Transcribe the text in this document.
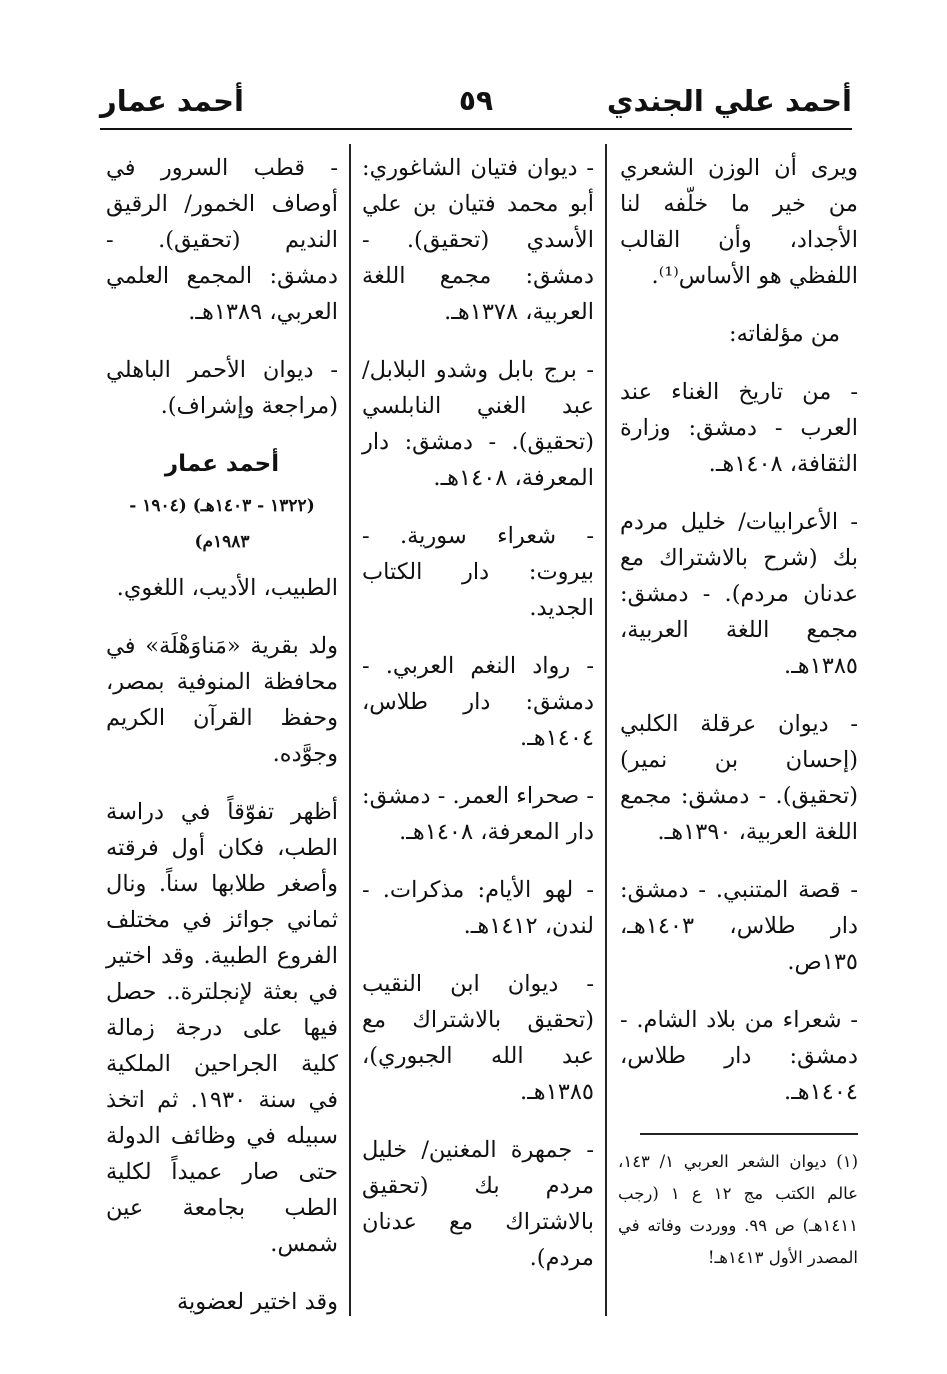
أحمد علي الجندي
٥٩
أحمد عمار

ويرى أن الوزن الشعري من خير ما خلّفه لنا الأجداد، وأن القالب اللفظي هو الأساس⁽¹⁾.

من مؤلفاته:

- من تاريخ الغناء عند العرب - دمشق: وزارة الثقافة، ١٤٠٨هـ.

- الأعرابيات/ خليل مردم بك (شرح بالاشتراك مع عدنان مردم). - دمشق: مجمع اللغة العربية، ١٣٨٥هـ.

- ديوان عرقلة الكلبي (إحسان بن نمير) (تحقيق). - دمشق: مجمع اللغة العربية، ١٣٩٠هـ.

- قصة المتنبي. - دمشق: دار طلاس، ١٤٠٣هـ، ١٣٥ص.

- شعراء من بلاد الشام. - دمشق: دار طلاس، ١٤٠٤هـ.

- ديوان فتيان الشاغوري: أبو محمد فتيان بن علي الأسدي (تحقيق). - دمشق: مجمع اللغة العربية، ١٣٧٨هـ.

- برج بابل وشدو البلابل/ عبد الغني النابلسي (تحقيق). - دمشق: دار المعرفة، ١٤٠٨هـ.

- شعراء سورية. - بيروت: دار الكتاب الجديد.

- رواد النغم العربي. - دمشق: دار طلاس، ١٤٠٤هـ.

- صحراء العمر. - دمشق: دار المعرفة، ١٤٠٨هـ.

- لهو الأيام: مذكرات. - لندن، ١٤١٢هـ.

- ديوان ابن النقيب (تحقيق بالاشتراك مع عبد الله الجبوري)، ١٣٨٥هـ.

- جمهرة المغنين/ خليل مردم بك (تحقيق بالاشتراك مع عدنان مردم).

- قطب السرور في أوصاف الخمور/ الرقيق النديم (تحقيق). - دمشق: المجمع العلمي العربي، ١٣٨٩هـ.

- ديوان الأحمر الباهلي (مراجعة وإشراف).

أحمد عمار
(١٣٢٢ - ١٤٠٣هـ) (١٩٠٤ - ١٩٨٣م)

الطبيب، الأديب، اللغوي.

ولد بقرية «مَناوَهْلَة» في محافظة المنوفية بمصر، وحفظ القرآن الكريم وجوَّده.

أظهر تفوّقاً في دراسة الطب، فكان أول فرقته وأصغر طلابها سناً. ونال ثماني جوائز في مختلف الفروع الطبية. وقد اختير في بعثة لإنجلترة.. حصل فيها على درجة زمالة كلية الجراحين الملكية في سنة ١٩٣٠. ثم اتخذ سبيله في وظائف الدولة حتى صار عميداً لكلية الطب بجامعة عين شمس.

وقد اختير لعضوية

(١) ديوان الشعر العربي ١/ ١٤٣، عالم الكتب مج ١٢ ع ١ (رجب ١٤١١هـ) ص ٩٩. ووردت وفاته في المصدر الأول ١٤١٣هـ!
